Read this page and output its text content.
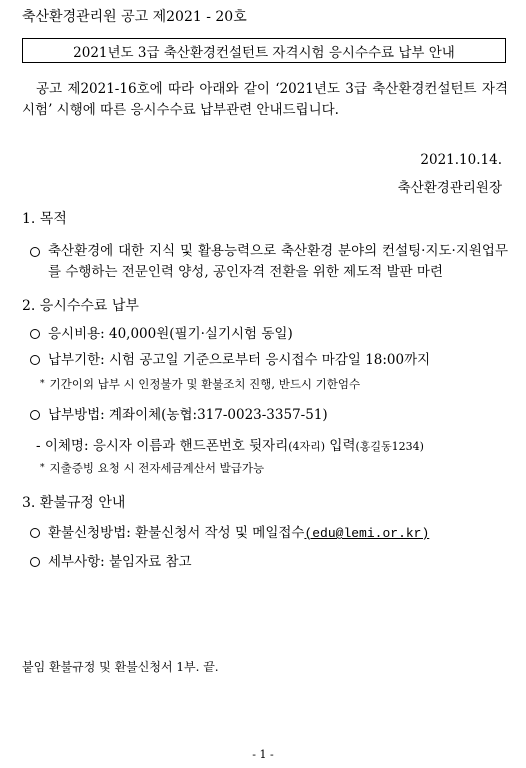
축산환경관리원 공고 제2021 - 20호
2021년도 3급 축산환경컨설턴트 자격시험 응시수수료 납부 안내
공고 제2021-16호에 따라 아래와 같이 ‘2021년도 3급 축산환경컨설턴트 자격시험’ 시행에 따른 응시수수료 납부관련 안내드립니다.
2021.10.14.
축산환경관리원장
1. 목적
축산환경에 대한 지식 및 활용능력으로 축산환경 분야의 컨설팅·지도·지원업무를 수행하는 전문인력 양성, 공인자격 전환을 위한 제도적 발판 마련
2. 응시수수료 납부
응시비용: 40,000원(필기·실기시험 동일)
납부기한: 시험 공고일 기준으로부터 응시접수 마감일 18:00까지
* 기간이외 납부 시 인정불가 및 환불조치 진행, 반드시 기한엄수
납부방법: 계좌이체(농협:317-0023-3357-51)
- 이체명: 응시자 이름과 핸드폰번호 뒷자리(4자리) 입력(홍길동1234)
* 지출증빙 요청 시 전자세금계산서 발급가능
3. 환불규정 안내
환불신청방법: 환불신청서 작성 및 메일접수(edu@lemi.or.kr)
세부사항: 붙임자료 참고
붙임 환불규정 및 환불신청서 1부. 끝.
- 1 -
